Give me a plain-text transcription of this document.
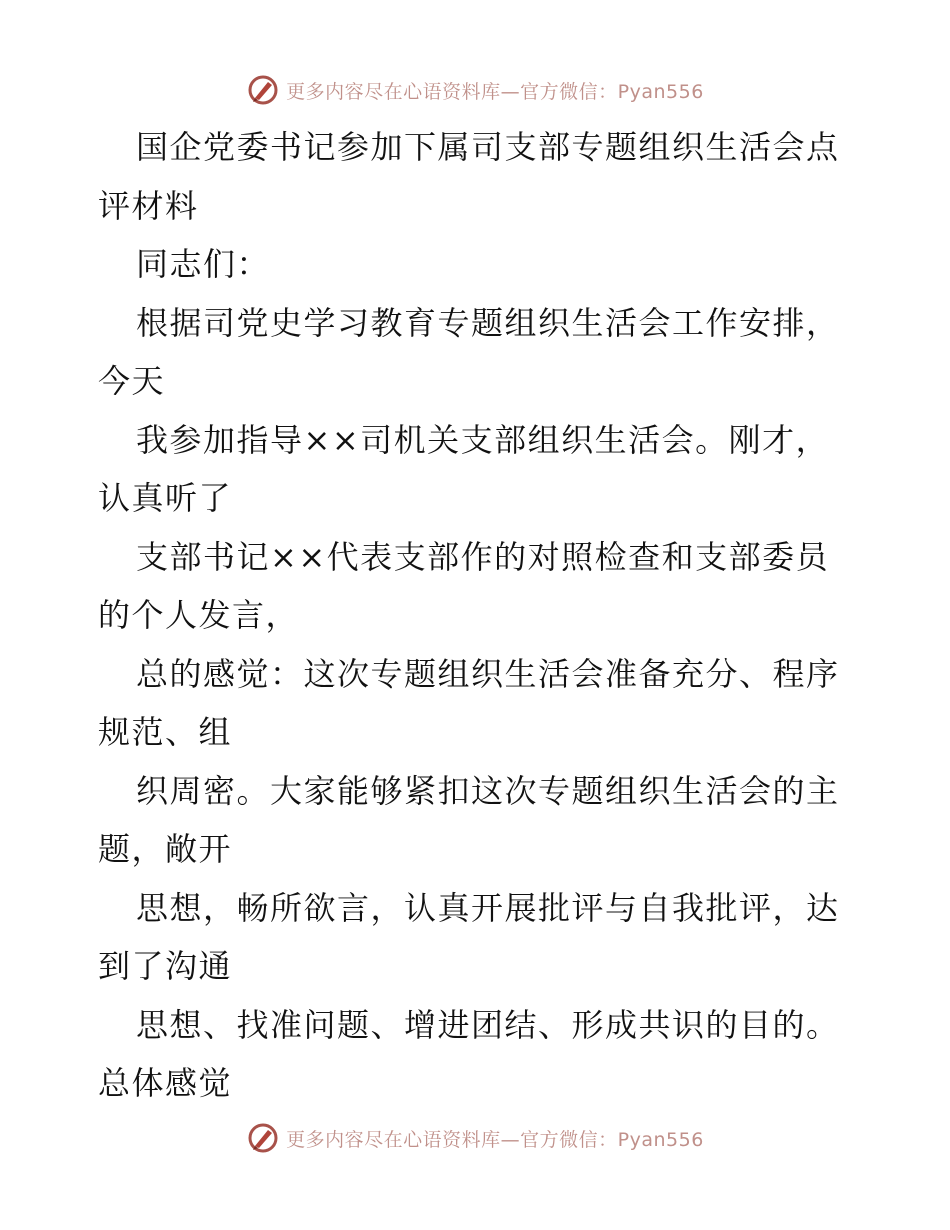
更多内容尽在心语资料库—官方微信：Pyan556
国企党委书记参加下属司支部专题组织生活会点
评材料
同志们：
根据司党史学习教育专题组织生活会工作安排，
今天
我参加指导××司机关支部组织生活会。刚才，
认真听了
支部书记××代表支部作的对照检查和支部委员
的个人发言，
总的感觉：这次专题组织生活会准备充分、程序
规范、组
织周密。大家能够紧扣这次专题组织生活会的主
题，敞开
思想，畅所欲言，认真开展批评与自我批评，达
到了沟通
思想、找准问题、增进团结、形成共识的目的。
总体感觉
更多内容尽在心语资料库—官方微信：Pyan556
